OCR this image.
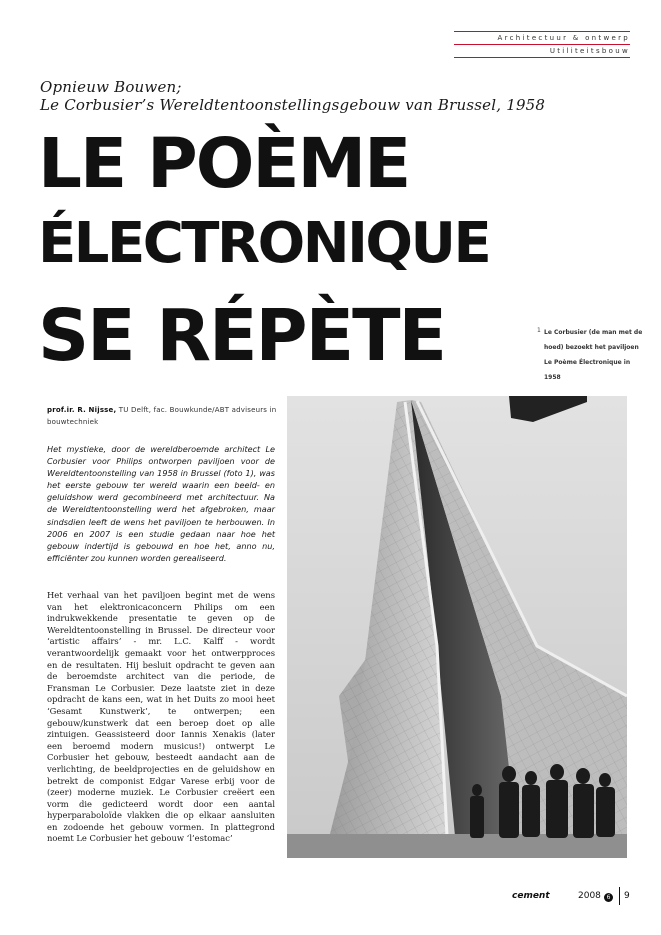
Architectuur & ontwerp
Utiliteitsbouw
Opnieuw Bouwen;
Le Corbusier’s Wereldtentoonstellingsgebouw van Brussel, 1958
LE POÈME
ÉLECTRONIQUE
SE RÉPÈTE	1 Le Corbusier (de man met de hoed) bezoekt het paviljoen Le Poème Électronique in 1958
prof.ir. R. Nijsse, TU Delft, fac. Bouwkunde/ABT adviseurs in bouwtechniek
Het mystieke, door de wereldberoemde architect Le Corbusier voor Philips ontworpen paviljoen voor de Wereldtentoonstelling van 1958 in Brussel (foto 1), was het eerste gebouw ter wereld waarin een beeld- en geluidshow werd gecombineerd met architectuur. Na de Wereldtentoonstelling werd het afgebroken, maar sindsdien leeft de wens het paviljoen te herbouwen. In 2006 en 2007 is een studie gedaan naar hoe het gebouw indertijd is gebouwd en hoe het, anno nu, efficiënter zou kunnen worden gerealiseerd.
Het verhaal van het paviljoen begint met de wens van het elektronicaconcern Philips om een indrukwekkende presentatie te geven op de Wereldtentoonstelling in Brussel. De directeur voor ‘artistic affairs’ - mr. L.C. Kalff - wordt verantwoordelijk gemaakt voor het ontwerpproces en de resultaten. Hij besluit opdracht te geven aan de beroemdste architect van die periode, de Fransman Le Corbusier. Deze laatste ziet in deze opdracht de kans een, wat in het Duits zo mooi heet ‘Gesamt Kunstwerk’, te ontwerpen; een gebouw/kunstwerk dat een beroep doet op alle zintuigen. Geassisteerd door Iannis Xenakis (later een beroemd modern musicus!) ontwerpt Le Corbusier het gebouw, besteedt aandacht aan de verlichting, de beeldprojecties en de geluidshow en betrekt de componist Edgar Varese erbij voor de (zeer) moderne muziek. Le Corbusier creëert een vorm die gedicteerd wordt door een aantal hyperparaboloïde vlakken die op elkaar aansluiten en zodoende het gebouw vormen. In plattegrond noemt Le Corbusier het gebouw ‘l’estomac’
cement	2008 6 9
